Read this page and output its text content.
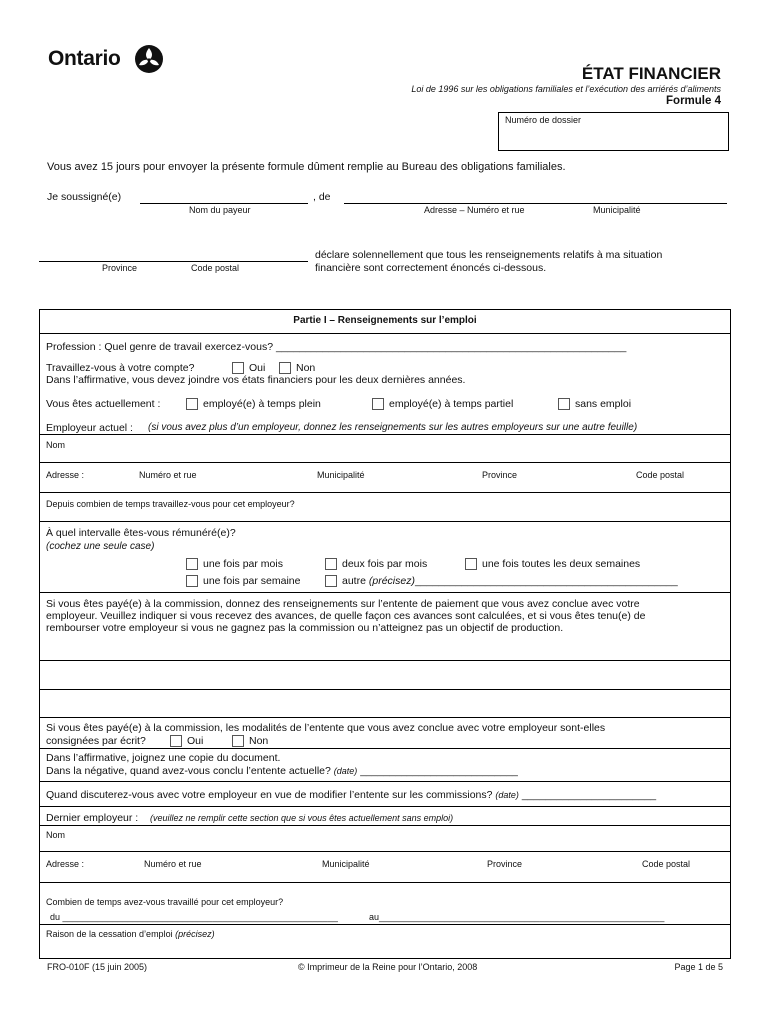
Ontario
ÉTAT FINANCIER
Loi de 1996 sur les obligations familiales et l’exécution des arriérés d’aliments
Formule 4
Numéro de dossier
Vous avez 15 jours pour envoyer la présente formule dûment remplie au Bureau des obligations familiales.
Je soussigné(e)
Nom du payeur
, de
Adresse – Numéro et rue	Municipalité
Province	Code postal
déclare solennellement que tous les renseignements relatifs à ma situation
financière sont correctement énoncés ci-dessous.
Partie I – Renseignements sur l’emploi
Profession : Quel genre de travail exercez-vous? ____________________________________________________________
Travaillez-vous à votre compte?	Oui	Non
Dans l’affirmative, vous devez joindre vos états financiers pour les deux dernières années.
Vous êtes actuellement :	employé(e) à temps plein	employé(e) à temps partiel	sans emploi
Employeur actuel : (si vous avez plus d’un employeur, donnez les renseignements sur les autres employeurs sur une autre feuille)
Nom
Adresse :	Numéro et rue	Municipalité	Province	Code postal
Depuis combien de temps travaillez-vous pour cet employeur?
À quel intervalle êtes-vous rémunéré(e)?
(cochez une seule case)
une fois par mois	deux fois par mois	une fois toutes les deux semaines
une fois par semaine	autre (précisez)_____________________________________________
Si vous êtes payé(e) à la commission, donnez des renseignements sur l’entente de paiement que vous avez conclue avec votre
employeur. Veuillez indiquer si vous recevez des avances, de quelle façon ces avances sont calculées, et si vous êtes tenu(e) de
rembourser votre employeur si vous ne gagnez pas la commission ou n’atteignez pas un objectif de production.
Si vous êtes payé(e) à la commission, les modalités de l’entente que vous avez conclue avec votre employeur sont-elles
consignées par écrit?	Oui	Non
Dans l’affirmative, joignez une copie du document.
Dans la négative, quand avez-vous conclu l’entente actuelle? (date) ___________________________
Quand discuterez-vous avec votre employeur en vue de modifier l’entente sur les commissions? (date) _______________________
Dernier employeur : (veuillez ne remplir cette section que si vous êtes actuellement sans emploi)
Nom
Adresse :	Numéro et rue	Municipalité	Province	Code postal
Combien de temps avez-vous travaillé pour cet employeur?
du _______________________________________________________	au_________________________________________________________
Raison de la cessation d’emploi (précisez)
FRO-010F (15 juin 2005)	© Imprimeur de la Reine pour l’Ontario, 2008	Page 1 de 5
